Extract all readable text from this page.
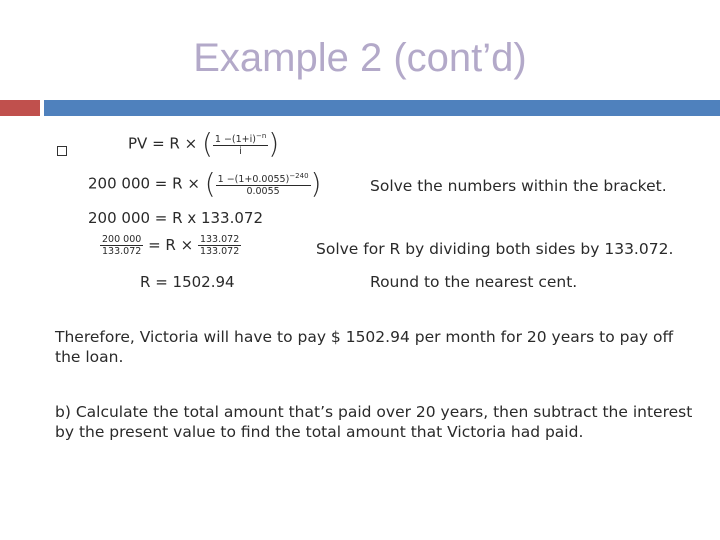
Example 2 (cont’d)
PV = R × ( $\frac{1 -(1+i)^{-n}}{i}$ )
200 000 = R × ( $\frac{1 -(1+0.0055)^{-240}}{0.0055}$ )	Solve the numbers within the bracket.
200 000 = R x 133.072
$\frac{200 000}{133.072} = R \times \frac{133.072}{133.072}$	Solve for R by dividing both sides by 133.072.
R = 1502.94	Round to the nearest cent.
Therefore, Victoria will have to pay $ 1502.94 per month for 20 years to pay off the loan.
b) Calculate the total amount that’s paid over 20 years, then subtract the interest by the present value to find the total amount that Victoria had paid.
